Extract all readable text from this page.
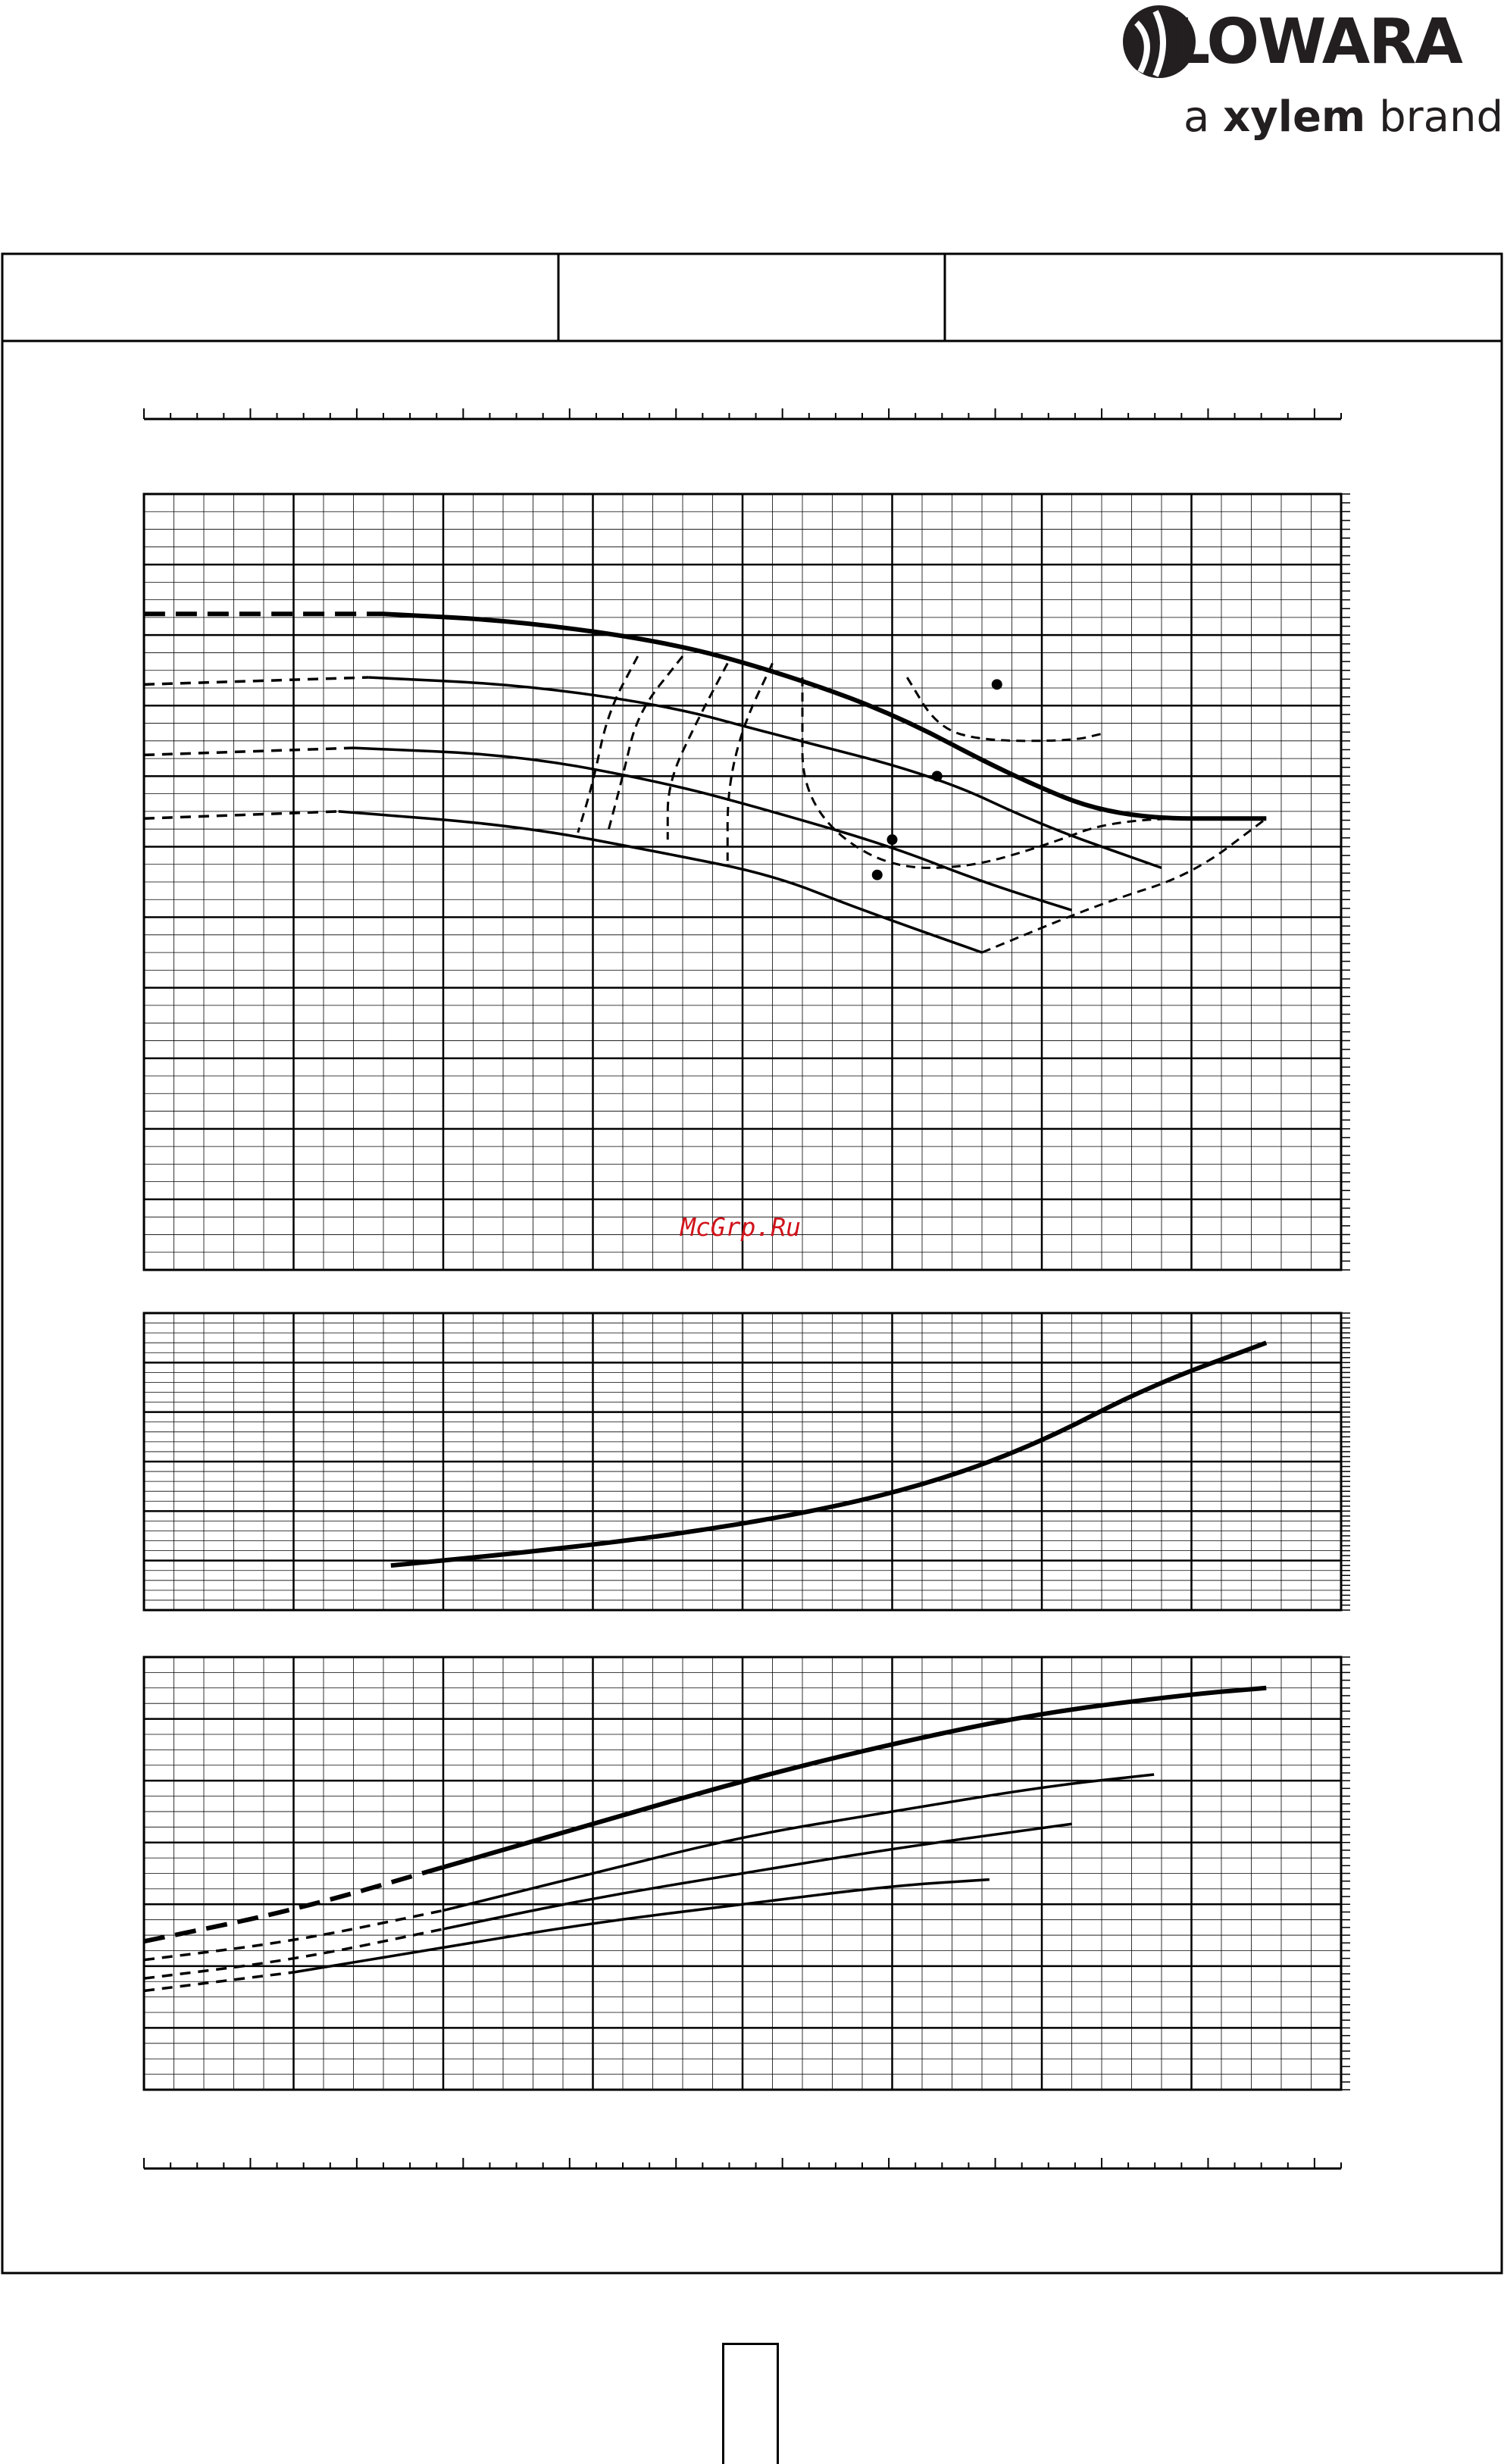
LOWARA
a xylem brand
McGrp.Ru
